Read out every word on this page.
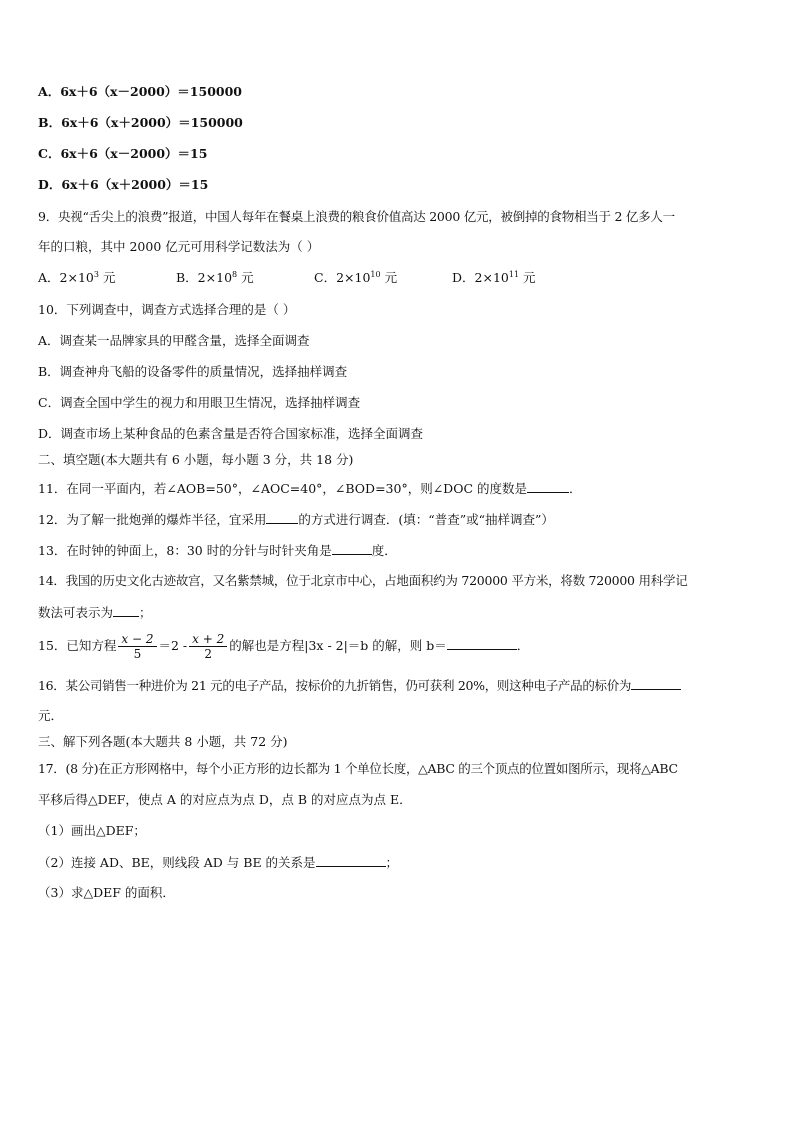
A．6x＋6（x－2000）＝150000
B．6x＋6（x＋2000）＝150000
C．6x＋6（x－2000）＝15
D．6x＋6（x＋2000）＝15
9．央视“舌尖上的浪费”报道，中国人每年在餐桌上浪费的粮食价值高达 2000 亿元，被倒掉的食物相当于 2 亿多人一
年的口粮，其中 2000 亿元可用科学记数法为（ ）
A．$2\times 10^3$ 元	B．$2\times 10^8$ 元	C．$2\times 10^{10}$ 元	D．$2\times 10^{11}$ 元
10．下列调查中，调查方式选择合理的是（ ）
A．调查某一品牌家具的甲醛含量，选择全面调查
B．调查神舟飞船的设备零件的质量情况，选择抽样调查
C．调查全国中学生的视力和用眼卫生情况，选择抽样调查
D．调查市场上某种食品的色素含量是否符合国家标准，选择全面调查
二、填空题(本大题共有 6 小题，每小题 3 分，共 18 分)
11．在同一平面内，若∠AOB=50°，∠AOC=40°，∠BOD=30°，则∠DOC 的度数是	．
12．为了解一批炮弹的爆炸半径，宜采用	的方式进行调查．(填：“普查”或“抽样调查”）
13．在时钟的钟面上，8：30 时的分针与时针夹角是	度．
14．我国的历史文化古迹故宫，又名紫禁城，位于北京市中心，占地面积约为 720000 平方米，将数 720000 用科学记
数法可表示为 ；
15．已知方程 $\frac{x - 2}{5} =2 - \frac{x + 2}{2}$ 的解也是方程|3x - 2|＝b 的解，则 b＝	．
16．某公司销售一种进价为 21 元的电子产品，按标价的九折销售，仍可获利 20%，则这种电子产品的标价为
元．
三、解下列各题(本大题共 8 小题，共 72 分)
17．(8 分)在正方形网格中，每个小正方形的边长都为 1 个单位长度，△ABC 的三个顶点的位置如图所示，现将△ABC
平移后得△DEF，使点 A 的对应点为点 D，点 B 的对应点为点 E．
（1）画出△DEF；
（2）连接 AD、BE，则线段 AD 与 BE 的关系是	；
（3）求△DEF 的面积．
